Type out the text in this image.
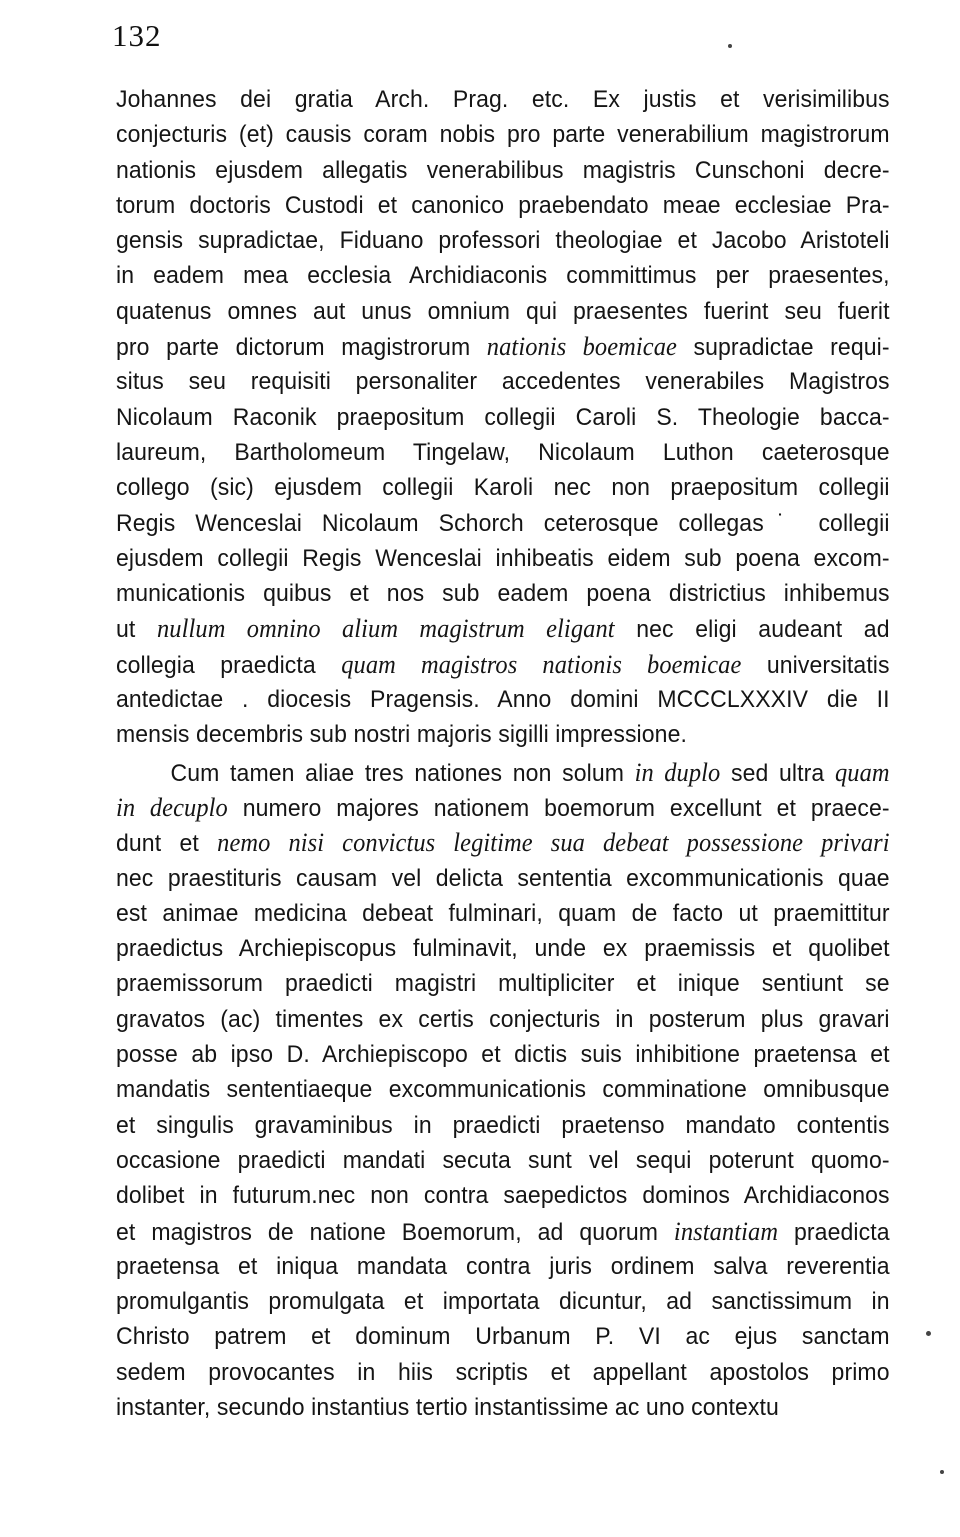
132
Johannes dei gratia Arch. Prag. etc. Ex justis et verisimilibus
conjecturis (et) causis coram nobis pro parte venerabilium magistrorum
nationis ejusdem allegatis venerabilibus magistris Cunschoni decre-
torum doctoris Custodi et canonico praebendato meae ecclesiae Pra-
gensis supradictae, Fiduano professori theologiae et Jacobo Aristoteli
in eadem mea ecclesia Archidiaconis committimus per praesentes,
quatenus omnes aut unus omnium qui praesentes fuerint seu fuerit
pro parte dictorum magistrorum nationis boemicae supradictae requi-
situs seu requisiti personaliter accedentes venerabiles Magistros
Nicolaum Raconik praepositum collegii Caroli S. Theologie bacca-
laureum, Bartholomeum Tingelaw, Nicolaum Luthon caeterosque
collego (sic) ejusdem collegii Karoli nec non praepositum collegii
Regis Wenceslai Nicolaum Schorch ceterosque collegas˙ collegii
ejusdem collegii Regis Wenceslai inhibeatis eidem sub poena excom-
municationis quibus et nos sub eadem poena districtius inhibemus
ut nullum omnino alium magistrum eligant nec eligi audeant ad
collegia praedicta quam magistros nationis boemicae universitatis
antedictae . diocesis Pragensis. Anno domini MCCCLXXXIV die II
mensis decembris sub nostri majoris sigilli impressione.
Cum tamen aliae tres nationes non solum in duplo sed ultra quam
in decuplo numero majores nationem boemorum excellunt et praece-
dunt et nemo nisi convictus legitime sua debeat possessione privari
nec praestituris causam vel delicta sententia excommunicationis quae
est animae medicina debeat fulminari, quam de facto ut praemittitur
praedictus Archiepiscopus fulminavit, unde ex praemissis et quolibet
praemissorum praedicti magistri multipliciter et inique sentiunt se
gravatos (ac) timentes ex certis conjecturis in posterum plus gravari
posse ab ipso D. Archiepiscopo et dictis suis inhibitione praetensa et
mandatis sententiaeque excommunicationis comminatione omnibusque
et singulis gravaminibus in praedicti praetenso mandato contentis
occasione praedicti mandati secuta sunt vel sequi poterunt quomo-
dolibet in futurum.nec non contra saepedictos dominos Archidiaconos
et magistros de natione Boemorum, ad quorum instantiam praedicta
praetensa et iniqua mandata contra juris ordinem salva reverentia
promulgantis promulgata et importata dicuntur, ad sanctissimum in
Christo patrem et dominum Urbanum P. VI ac ejus sanctam
sedem provocantes in hiis scriptis et appellant apostolos primo
instanter, secundo instantius tertio instantissime ac uno contextu
